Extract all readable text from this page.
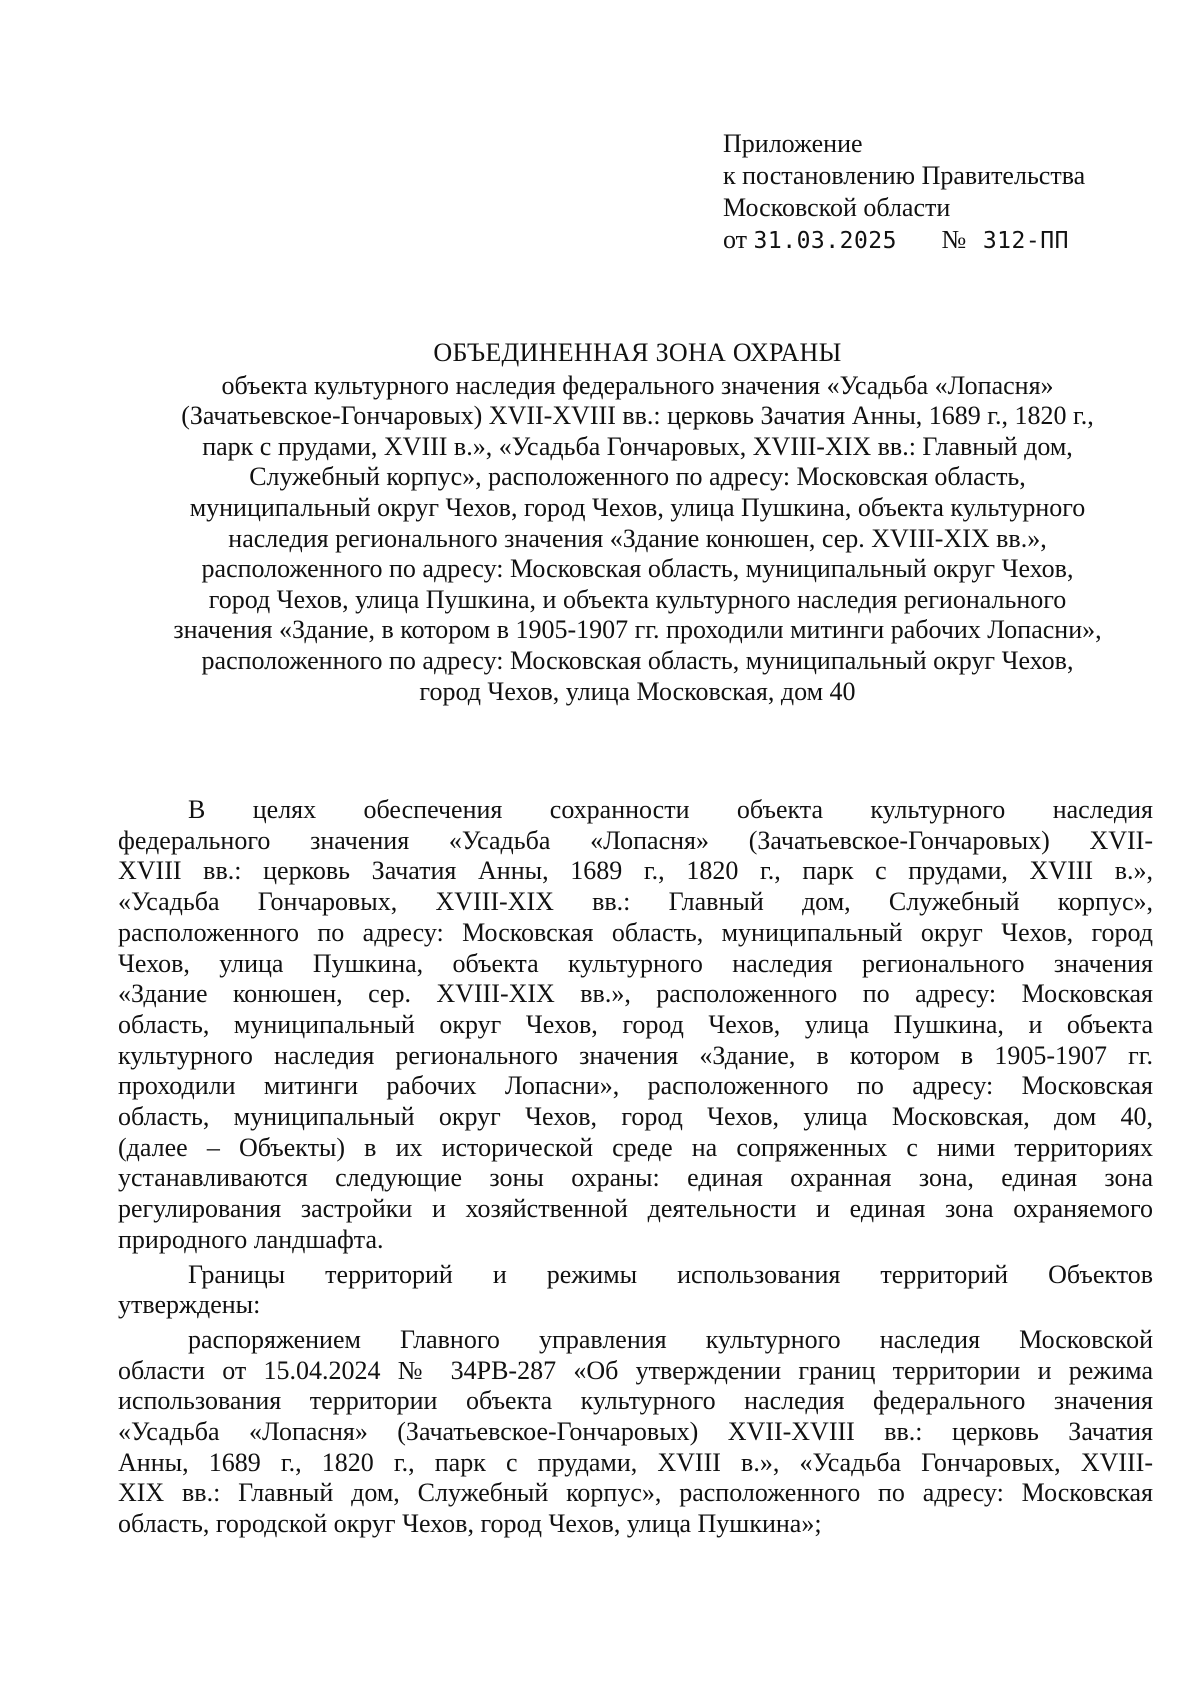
Приложение
к постановлению Правительства
Московской области
от 31.03.2025 № 312-ПП
ОБЪЕДИНЕННАЯ ЗОНА ОХРАНЫ
объекта культурного наследия федерального значения «Усадьба «Лопасня»
(Зачатьевское-Гончаровых) XVII-XVIII вв.: церковь Зачатия Анны, 1689 г., 1820 г.,
парк с прудами, XVIII в.», «Усадьба Гончаровых, XVIII-XIX вв.: Главный дом,
Служебный корпус», расположенного по адресу: Московская область,
муниципальный округ Чехов, город Чехов, улица Пушкина, объекта культурного
наследия регионального значения «Здание конюшен, сер. XVIII-XIX вв.»,
расположенного по адресу: Московская область, муниципальный округ Чехов,
город Чехов, улица Пушкина, и объекта культурного наследия регионального
значения «Здание, в котором в 1905-1907 гг. проходили митинги рабочих Лопасни»,
расположенного по адресу: Московская область, муниципальный округ Чехов,
город Чехов, улица Московская, дом 40
В целях обеспечения сохранности объекта культурного наследия
федерального значения «Усадьба «Лопасня» (Зачатьевское-Гончаровых) XVII-
XVIII вв.: церковь Зачатия Анны, 1689 г., 1820 г., парк с прудами, XVIII в.»,
«Усадьба Гончаровых, XVIII-XIX вв.: Главный дом, Служебный корпус»,
расположенного по адресу: Московская область, муниципальный округ Чехов, город
Чехов, улица Пушкина, объекта культурного наследия регионального значения
«Здание конюшен, сер. XVIII-XIX вв.», расположенного по адресу: Московская
область, муниципальный округ Чехов, город Чехов, улица Пушкина, и объекта
культурного наследия регионального значения «Здание, в котором в 1905-1907 гг.
проходили митинги рабочих Лопасни», расположенного по адресу: Московская
область, муниципальный округ Чехов, город Чехов, улица Московская, дом 40,
(далее – Объекты) в их исторической среде на сопряженных с ними территориях
устанавливаются следующие зоны охраны: единая охранная зона, единая зона
регулирования застройки и хозяйственной деятельности и единая зона охраняемого
природного ландшафта.
Границы территорий и режимы использования территорий Объектов
утверждены:
распоряжением Главного управления культурного наследия Московской
области от 15.04.2024 № 34РВ-287 «Об утверждении границ территории и режима
использования территории объекта культурного наследия федерального значения
«Усадьба «Лопасня» (Зачатьевское-Гончаровых) XVII-XVIII вв.: церковь Зачатия
Анны, 1689 г., 1820 г., парк с прудами, XVIII в.», «Усадьба Гончаровых, XVIII-
XIX вв.: Главный дом, Служебный корпус», расположенного по адресу: Московская
область, городской округ Чехов, город Чехов, улица Пушкина»;
